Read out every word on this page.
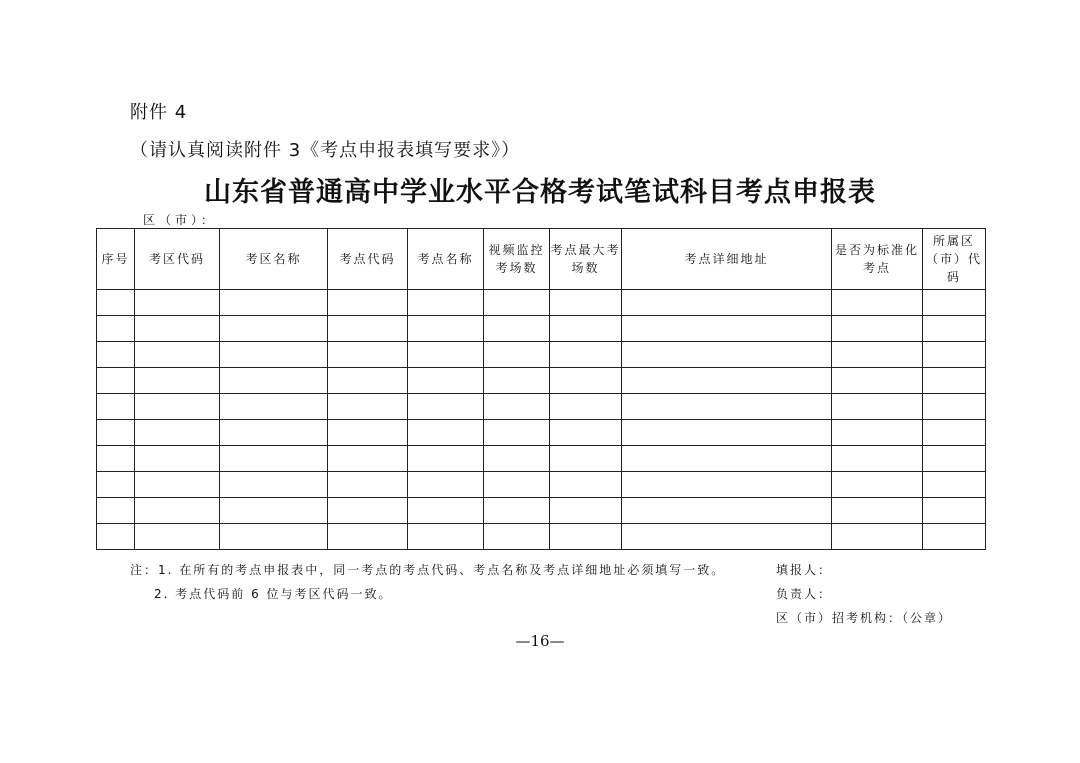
附件 4
（请认真阅读附件 3《考点申报表填写要求》）
山东省普通高中学业水平合格考试笔试科目考点申报表
区（市）：
序号	考区代码	考区名称	考点代码	考点名称	视频监控考场数	考点最大考场数	考点详细地址	是否为标准化考点	所属区（市）代码

注：1. 在所有的考点申报表中，同一考点的考点代码、考点名称及考点详细地址必须填写一致。
2. 考点代码前 6 位与考区代码一致。
填报人：
负责人：
区（市）招考机构：（公章）
—16—
